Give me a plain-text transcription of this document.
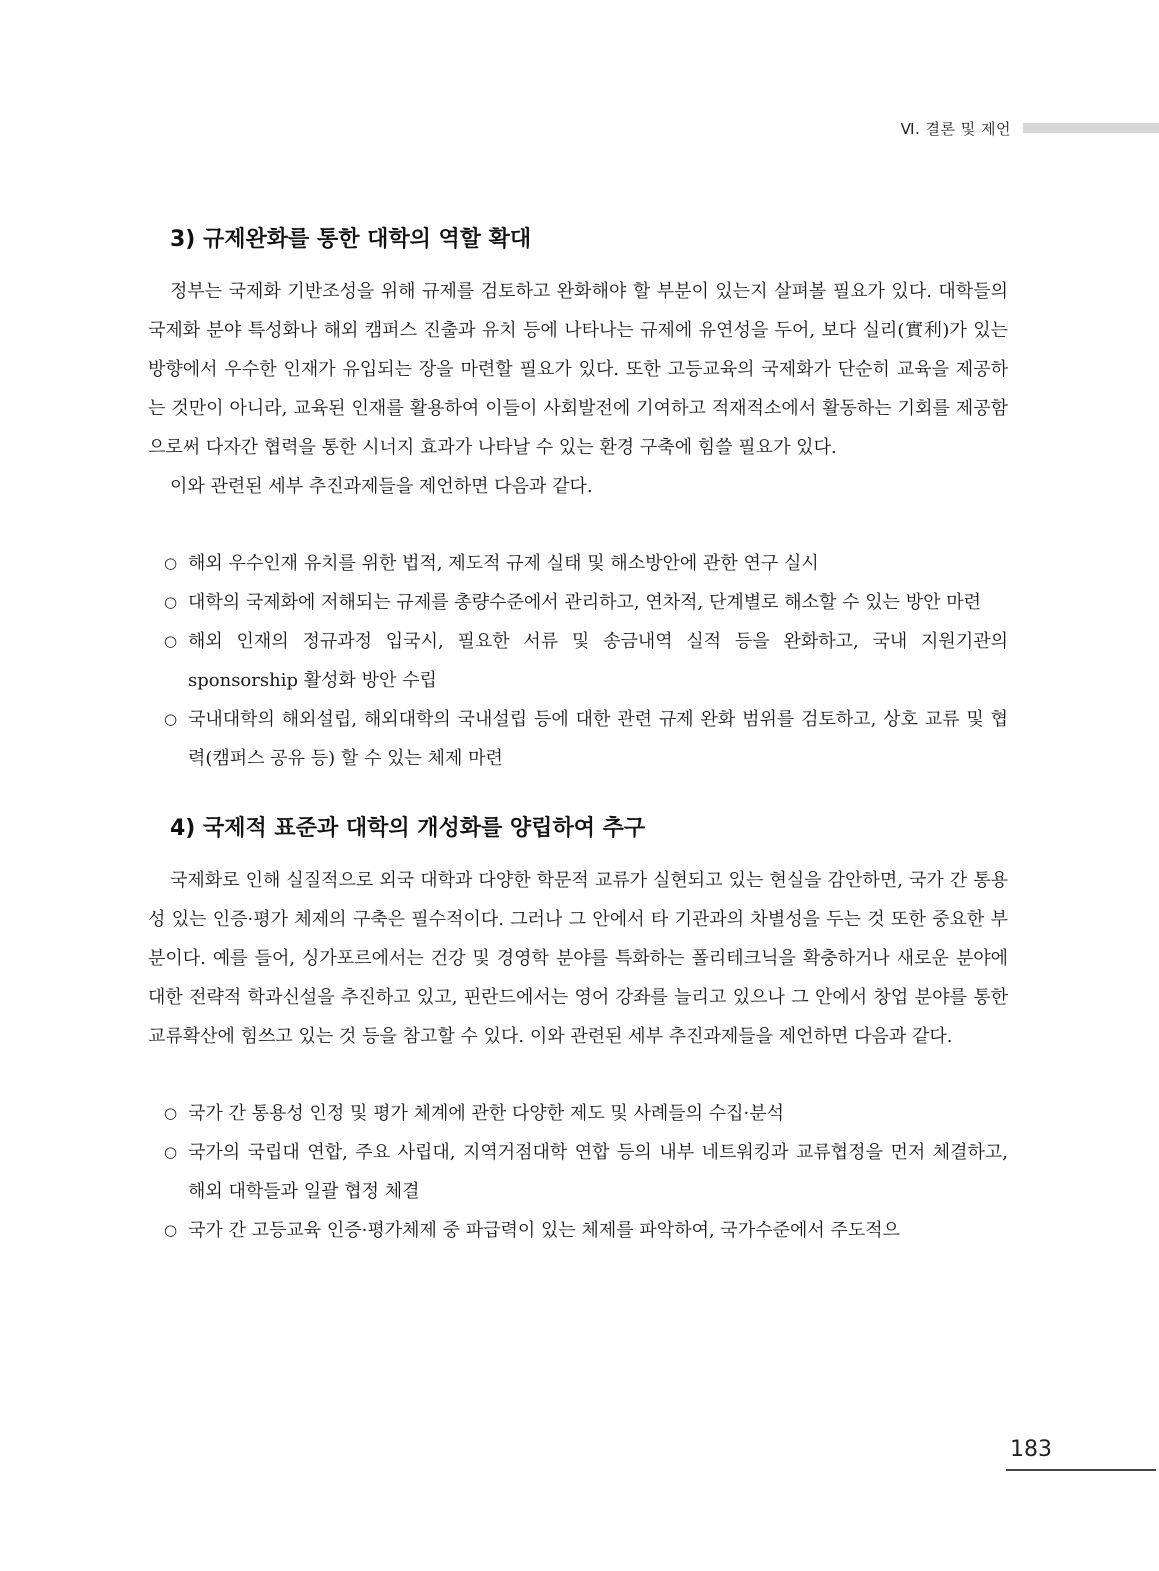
Ⅵ. 결론 및 제언
3) 규제완화를 통한 대학의 역할 확대

정부는 국제화 기반조성을 위해 규제를 검토하고 완화해야 할 부분이 있는지 살펴볼 필요가 있다. 대학들의 국제화 분야 특성화나 해외 캠퍼스 진출과 유치 등에 나타나는 규제에 유연성을 두어, 보다 실리(實利)가 있는 방향에서 우수한 인재가 유입되는 장을 마련할 필요가 있다. 또한 고등교육의 국제화가 단순히 교육을 제공하는 것만이 아니라, 교육된 인재를 활용하여 이들이 사회발전에 기여하고 적재적소에서 활동하는 기회를 제공함으로써 다자간 협력을 통한 시너지 효과가 나타날 수 있는 환경 구축에 힘쓸 필요가 있다.

이와 관련된 세부 추진과제들을 제언하면 다음과 같다.

○ 해외 우수인재 유치를 위한 법적, 제도적 규제 실태 및 해소방안에 관한 연구 실시
○ 대학의 국제화에 저해되는 규제를 총량수준에서 관리하고, 연차적, 단계별로 해소할 수 있는 방안 마련
○ 해외 인재의 정규과정 입국시, 필요한 서류 및 송금내역 실적 등을 완화하고, 국내 지원기관의 sponsorship 활성화 방안 수립
○ 국내대학의 해외설립, 해외대학의 국내설립 등에 대한 관련 규제 완화 범위를 검토하고, 상호 교류 및 협력(캠퍼스 공유 등) 할 수 있는 체제 마련
4) 국제적 표준과 대학의 개성화를 양립하여 추구

국제화로 인해 실질적으로 외국 대학과 다양한 학문적 교류가 실현되고 있는 현실을 감안하면, 국가 간 통용성 있는 인증·평가 체제의 구축은 필수적이다. 그러나 그 안에서 타 기관과의 차별성을 두는 것 또한 중요한 부분이다. 예를 들어, 싱가포르에서는 건강 및 경영학 분야를 특화하는 폴리테크닉을 확충하거나 새로운 분야에 대한 전략적 학과신설을 추진하고 있고, 핀란드에서는 영어 강좌를 늘리고 있으나 그 안에서 창업 분야를 통한 교류확산에 힘쓰고 있는 것 등을 참고할 수 있다. 이와 관련된 세부 추진과제들을 제언하면 다음과 같다.

○ 국가 간 통용성 인정 및 평가 체계에 관한 다양한 제도 및 사례들의 수집·분석
○ 국가의 국립대 연합, 주요 사립대, 지역거점대학 연합 등의 내부 네트워킹과 교류협정을 먼저 체결하고, 해외 대학들과 일괄 협정 체결
○ 국가 간 고등교육 인증·평가체제 중 파급력이 있는 체제를 파악하여, 국가수준에서 주도적으
183
